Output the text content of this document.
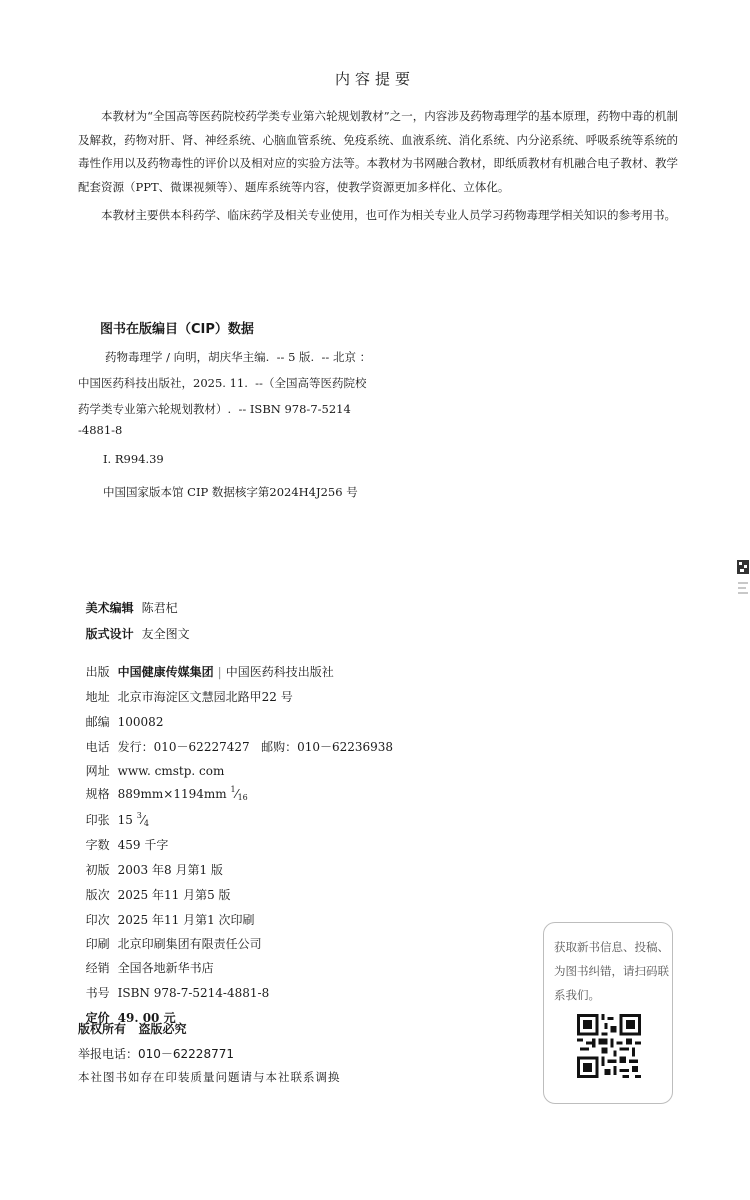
内容提要

本教材为“全国高等医药院校药学类专业第六轮规划教材”之一，内容涉及药物毒理学的基本原理，药物中毒的机制及解救，药物对肝、肾、神经系统、心脑血管系统、免疫系统、血液系统、消化系统、内分泌系统、呼吸系统等系统的毒性作用以及药物毒性的评价以及相对应的实验方法等。本教材为书网融合教材，即纸质教材有机融合电子教材、教学配套资源（PPT、微课视频等）、题库系统等内容，使教学资源更加多样化、立体化。

本教材主要供本科药学、临床药学及相关专业使用，也可作为相关专业人员学习药物毒理学相关知识的参考用书。

图书在版编目（CIP）数据
药物毒理学 / 向明，胡庆华主编.  -- 5 版.  -- 北京 ：
中国医药科技出版社，2025. 11.  --（全国高等医药院校
药学类专业第六轮规划教材）.  -- ISBN 978-7-5214
-4881-8
Ⅰ. R994.39
中国国家版本馆 CIP 数据核字第2024H4J256 号

美术编辑 陈君杞

版式设计 友全图文

出版 中国健康传媒集团 | 中国医药科技出版社

地址 北京市海淀区文慧园北路甲22 号

邮编 100082

电话 发行：010－62227427   邮购：010－62236938

网址 www. cmstp. com

规格 889mm×1194mm $^1⁄_{16}$

印张 15 $^3⁄_4$

字数 459 千字

初版 2003 年8 月第1 版

版次 2025 年11 月第5 版

印次 2025 年11 月第1 次印刷

印刷 北京印刷集团有限责任公司

经销 全国各地新华书店

书号 ISBN 978-7-5214-4881-8

定价 49. 00 元

版权所有   盗版必究
举报电话：010－62228771
本社图书如存在印装质量问题请与本社联系调换
获取新书信息、投稿、为图书纠错，请扫码联系我们。
